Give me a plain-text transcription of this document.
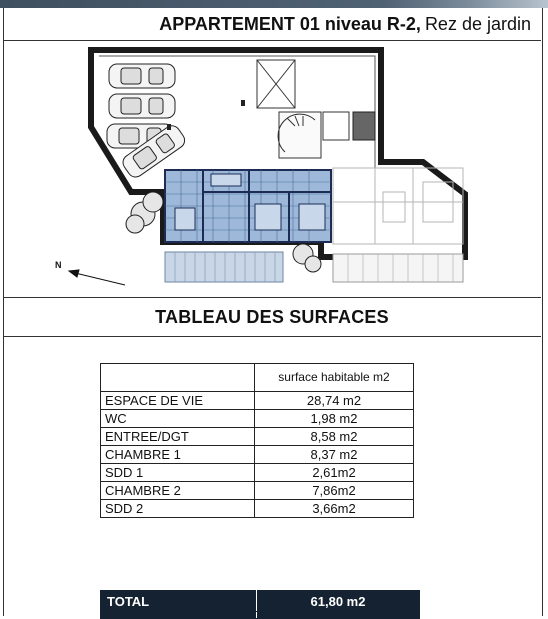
APPARTEMENT 01 niveau R-2, Rez de jardin
N
TABLEAU DES SURFACES
	surface habitable m2
ESPACE DE VIE	28,74 m2
WC	1,98 m2
ENTREE/DGT	8,58 m2
CHAMBRE 1	8,37 m2
SDD 1	2,61m2
CHAMBRE 2	7,86m2
SDD 2	3,66m2
TOTAL	61,80 m2
